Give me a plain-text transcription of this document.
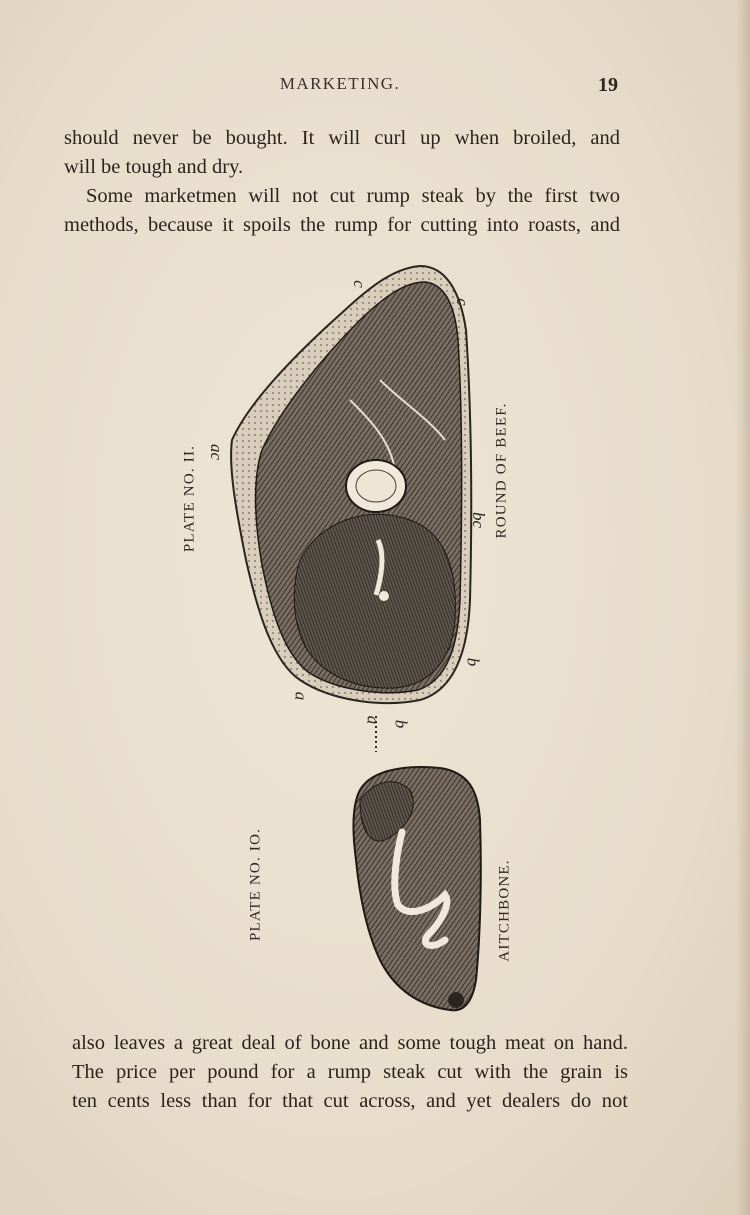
MARKETING.	19
should never be bought. It will curl up when broiled, and
will be tough and dry.
Some marketmen will not cut rump steak by the first two
methods, because it spoils the rump for cutting into roasts, and
PLATE NO. II.	ROUND OF BEEF.
PLATE NO. IO.	AITCHBONE.
c
c
ac
bc
b
a
a b
also leaves a great deal of bone and some tough meat on hand.
The price per pound for a rump steak cut with the grain is
ten cents less than for that cut across, and yet dealers do not
